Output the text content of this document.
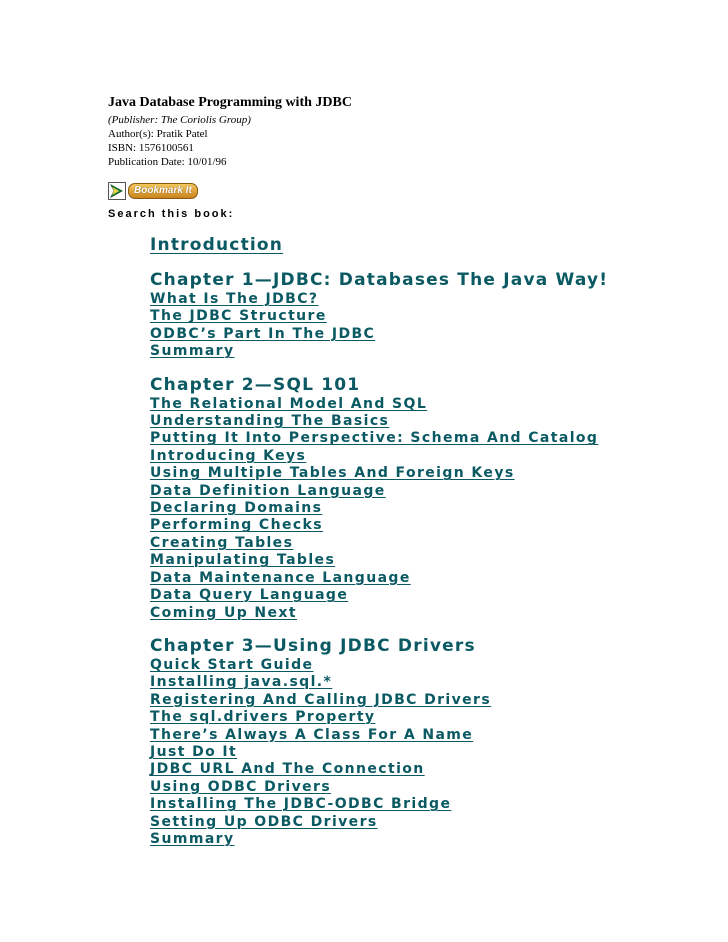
Java Database Programming with JDBC
(Publisher: The Coriolis Group)
Author(s): Pratik Patel
ISBN: 1576100561
Publication Date: 10/01/96
Bookmark It
Search this book:
Introduction
Chapter 1—JDBC: Databases The Java Way!
What Is The JDBC?
The JDBC Structure
ODBC’s Part In The JDBC
Summary
Chapter 2—SQL 101
The Relational Model And SQL
Understanding The Basics
Putting It Into Perspective: Schema And Catalog
Introducing Keys
Using Multiple Tables And Foreign Keys
Data Definition Language
Declaring Domains
Performing Checks
Creating Tables
Manipulating Tables
Data Maintenance Language
Data Query Language
Coming Up Next
Chapter 3—Using JDBC Drivers
Quick Start Guide
Installing java.sql.*
Registering And Calling JDBC Drivers
The sql.drivers Property
There’s Always A Class For A Name
Just Do It
JDBC URL And The Connection
Using ODBC Drivers
Installing The JDBC-ODBC Bridge
Setting Up ODBC Drivers
Summary
